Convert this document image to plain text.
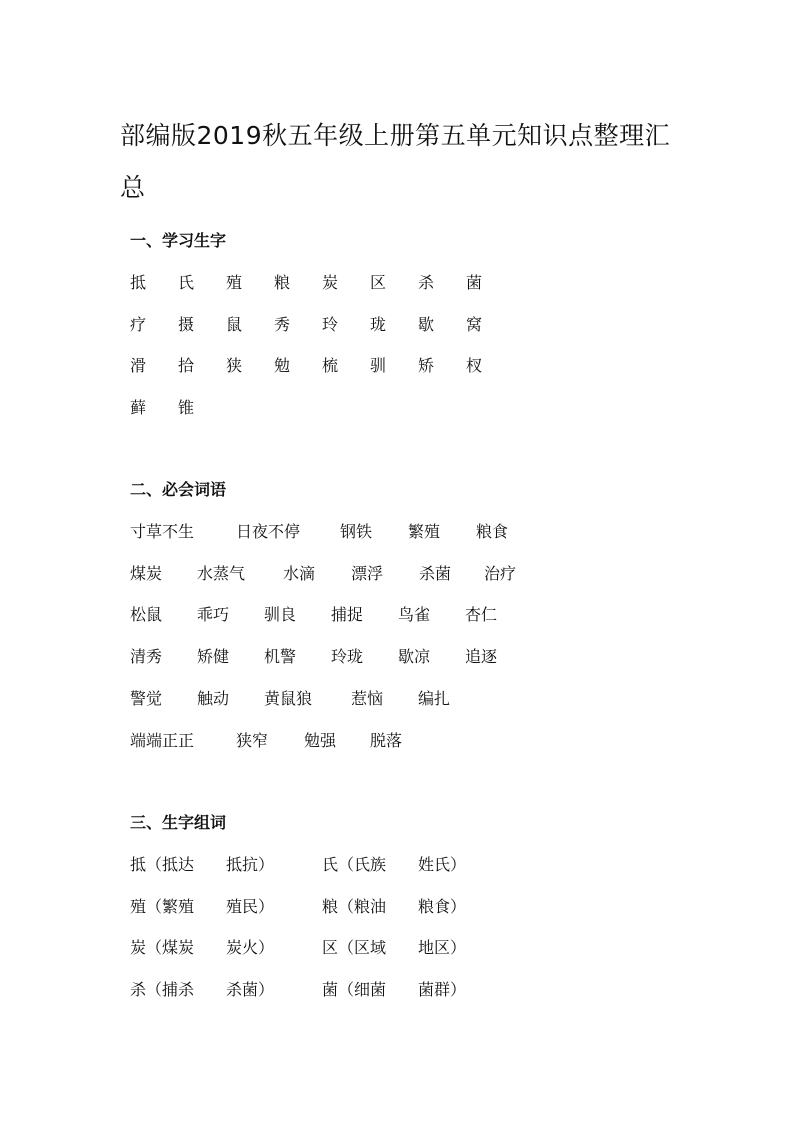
部编版2019秋五年级上册第五单元知识点整理汇总
一、学习生字
抵	氏	殖	粮	炭	区	杀	菌
疗	摄	鼠	秀	玲	珑	歇	窝
滑	拾	狭	勉	梳	驯	矫	杈
藓	锥
二、必会词语
寸草不生	日夜不停	钢铁	繁殖	粮食
煤炭	水蒸气	水滴	漂浮	杀菌	治疗
松鼠	乖巧	驯良	捕捉	鸟雀	杏仁
清秀	矫健	机警	玲珑	歇凉	追逐
警觉	触动	黄鼠狼	惹恼	编扎
端端正正	狭窄	勉强	脱落
三、生字组词
抵（抵达　　抵抗）	氏（氏族　　姓氏）
殖（繁殖　　殖民）	粮（粮油　　粮食）
炭（煤炭　　炭火）	区（区域　　地区）
杀（捕杀　　杀菌）	菌（细菌　　菌群）
